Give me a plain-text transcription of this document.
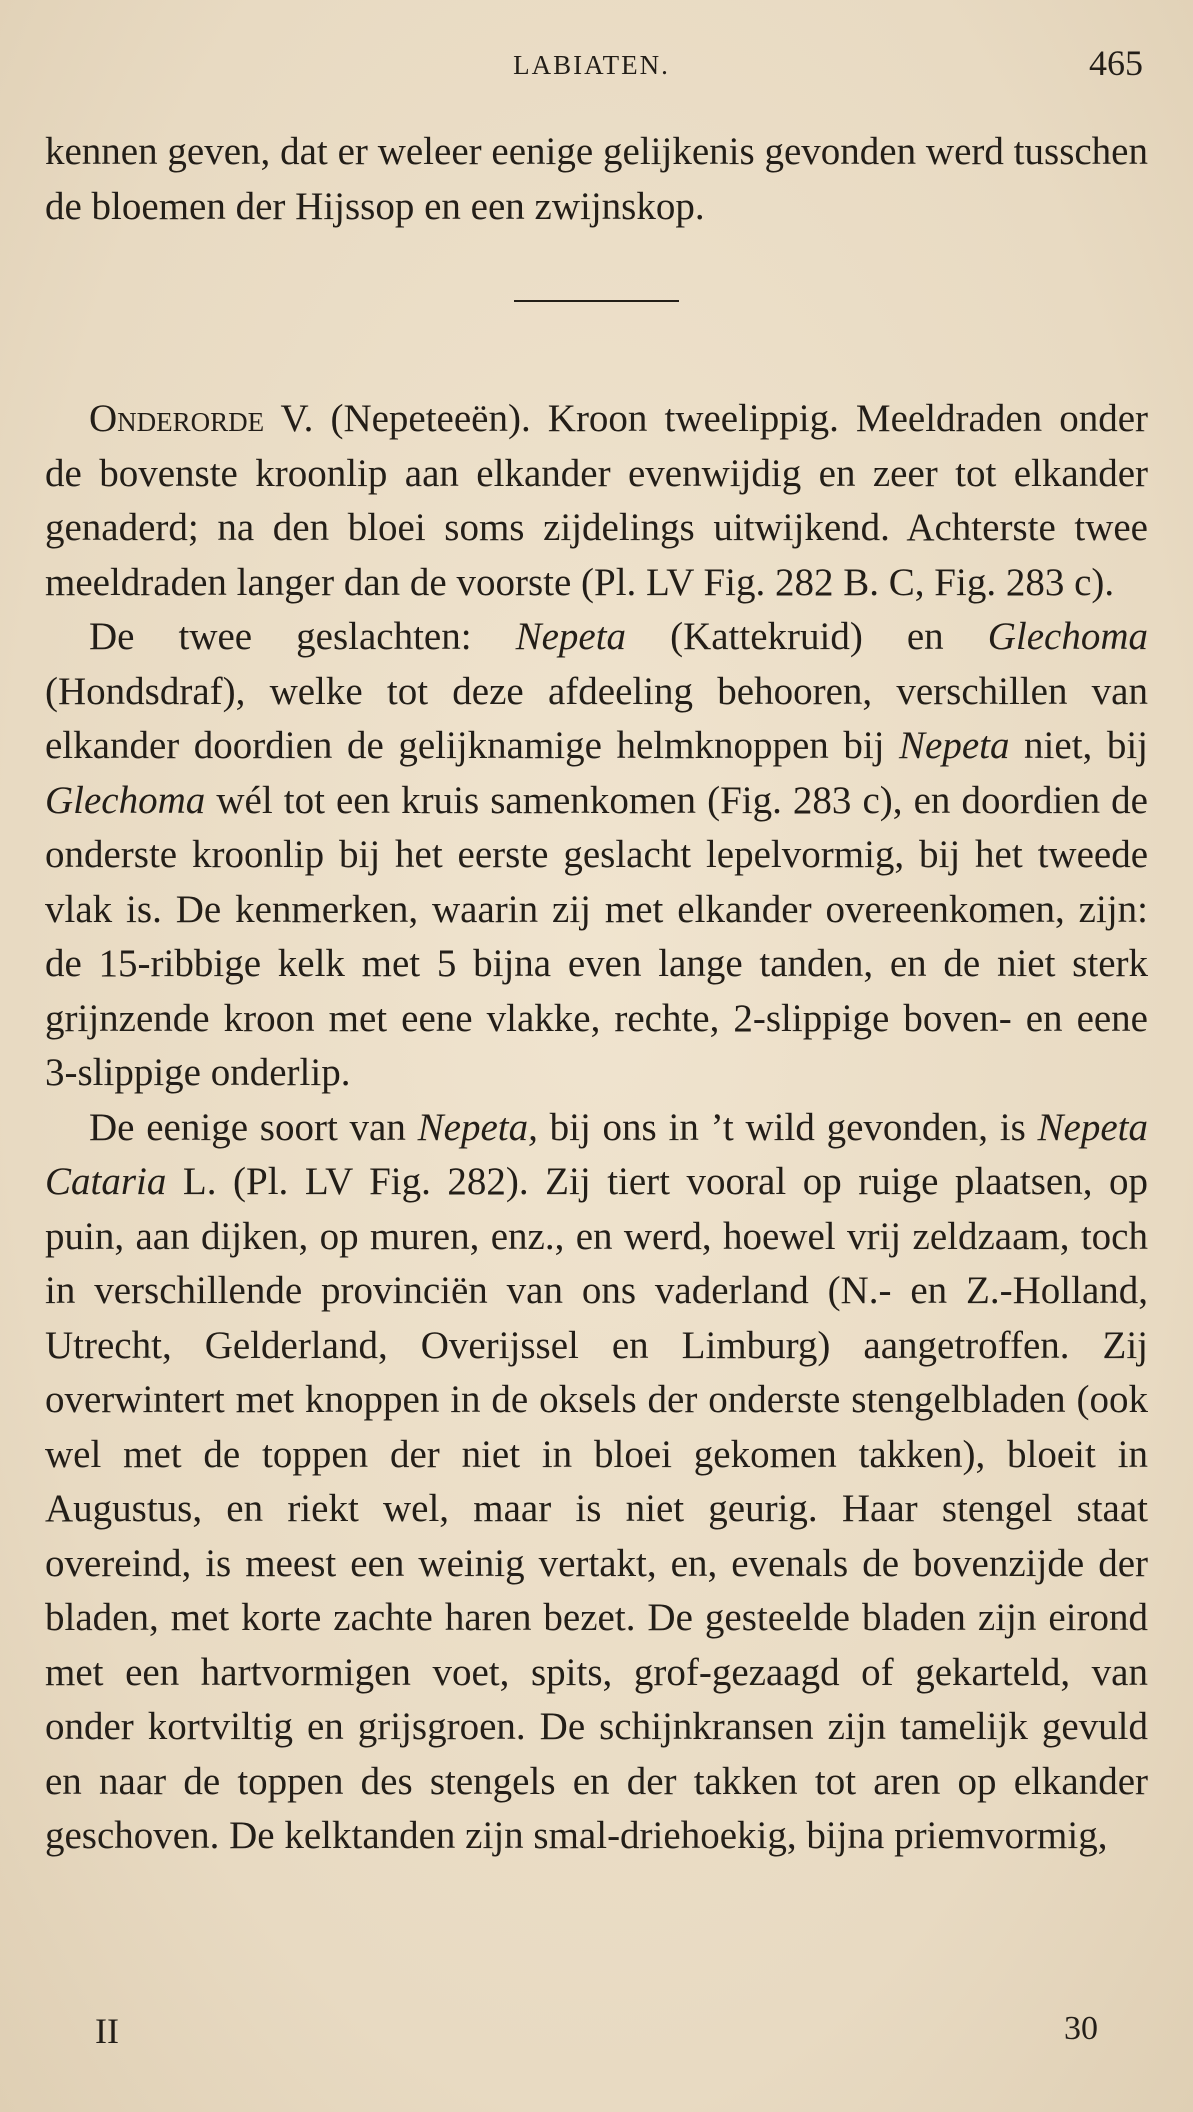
LABIATEN.	465

kennen geven, dat er weleer eenige gelijkenis gevonden werd tusschen de bloemen der Hijssop en een zwijnskop.

Onderorde V. (Nepeteeën). Kroon tweelippig. Meeldraden onder de bovenste kroonlip aan elkander evenwijdig en zeer tot elkander genaderd; na den bloei soms zijdelings uitwijkend. Achterste twee meeldraden langer dan de voorste (Pl. LV Fig. 282 B. C, Fig. 283 c).

De twee geslachten: Nepeta (Kattekruid) en Glechoma (Hondsdraf), welke tot deze afdeeling behooren, verschillen van elkander doordien de gelijknamige helmknoppen bij Nepeta niet, bij Glechoma wél tot een kruis samenkomen (Fig. 283 c), en doordien de onderste kroonlip bij het eerste geslacht lepelvormig, bij het tweede vlak is. De kenmerken, waarin zij met elkander overeenkomen, zijn: de 15-ribbige kelk met 5 bijna even lange tanden, en de niet sterk grijnzende kroon met eene vlakke, rechte, 2-slippige boven- en eene 3-slippige onderlip.

De eenige soort van Nepeta, bij ons in ’t wild gevonden, is Nepeta Cataria L. (Pl. LV Fig. 282). Zij tiert vooral op ruige plaatsen, op puin, aan dijken, op muren, enz., en werd, hoewel vrij zeldzaam, toch in verschillende provinciën van ons vaderland (N.- en Z.-Holland, Utrecht, Gelderland, Overijssel en Limburg) aangetroffen. Zij overwintert met knoppen in de oksels der onderste stengelbladen (ook wel met de toppen der niet in bloei gekomen takken), bloeit in Augustus, en riekt wel, maar is niet geurig. Haar stengel staat overeind, is meest een weinig vertakt, en, evenals de bovenzijde der bladen, met korte zachte haren bezet. De gesteelde bladen zijn eirond met een hartvormigen voet, spits, grof-gezaagd of gekarteld, van onder kortviltig en grijsgroen. De schijnkransen zijn tamelijk gevuld en naar de toppen des stengels en der takken tot aren op elkander geschoven. De kelktanden zijn smal-driehoekig, bijna priemvormig,

II	30
